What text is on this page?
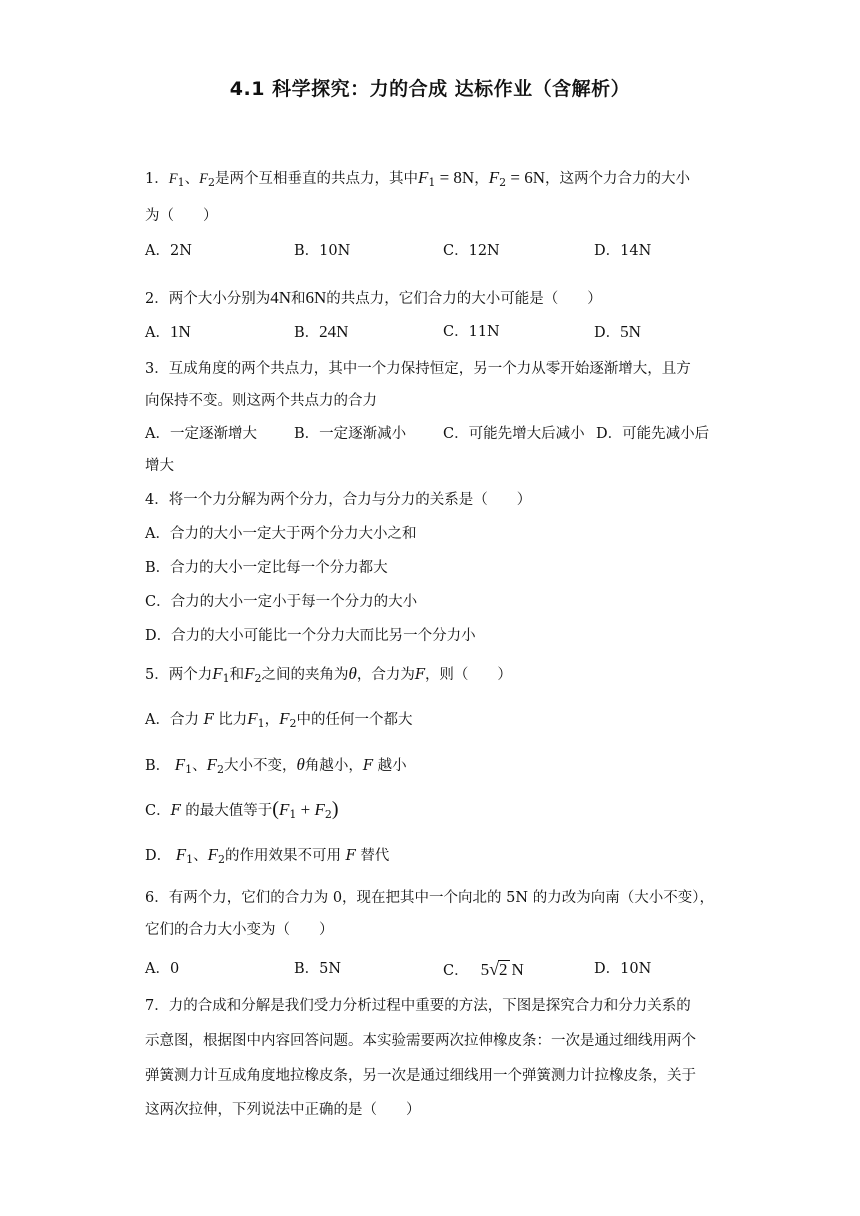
4.1 科学探究：力的合成 达标作业（含解析）
1．$F_1$、$F_2$是两个互相垂直的共点力，其中$F_1 = 8N$，$F_2 = 6N$，这两个力合力的大小
为（　　）
A．2N	B．10N	C．12N	D．14N
2．两个大小分别为4N和6N的共点力，它们合力的大小可能是（　　）
A．1N	B．24N	C．11N	D．5N
3．互成角度的两个共点力，其中一个力保持恒定，另一个力从零开始逐渐增大，且方
向保持不变。则这两个共点力的合力
A．一定逐渐增大	B．一定逐渐减小	C．可能先增大后减小 D．可能先减小后
增大
4．将一个力分解为两个分力，合力与分力的关系是（　　）
A．合力的大小一定大于两个分力大小之和
B．合力的大小一定比每一个分力都大
C．合力的大小一定小于每一个分力的大小
D．合力的大小可能比一个分力大而比另一个分力小
5．两个力$F_1$和$F_2$之间的夹角为θ，合力为F，则（　　）
A．合力 F 比力$F_1$，$F_2$中的任何一个都大
B． $F_1$、$F_2$大小不变，θ角越小，F 越小
C．F 的最大值等于$(F_1 + F_2)$
D． $F_1$、$F_2$的作用效果不可用 F 替代
6．有两个力，它们的合力为 0，现在把其中一个向北的 5N 的力改为向南（大小不变），
它们的合力大小变为（　　）
A．0	B．5N	C． 5√2 N	D．10N
7．力的合成和分解是我们受力分析过程中重要的方法，下图是探究合力和分力关系的
示意图，根据图中内容回答问题。本实验需要两次拉伸橡皮条：一次是通过细线用两个
弹簧测力计互成角度地拉橡皮条，另一次是通过细线用一个弹簧测力计拉橡皮条，关于
这两次拉伸，下列说法中正确的是（　　）
